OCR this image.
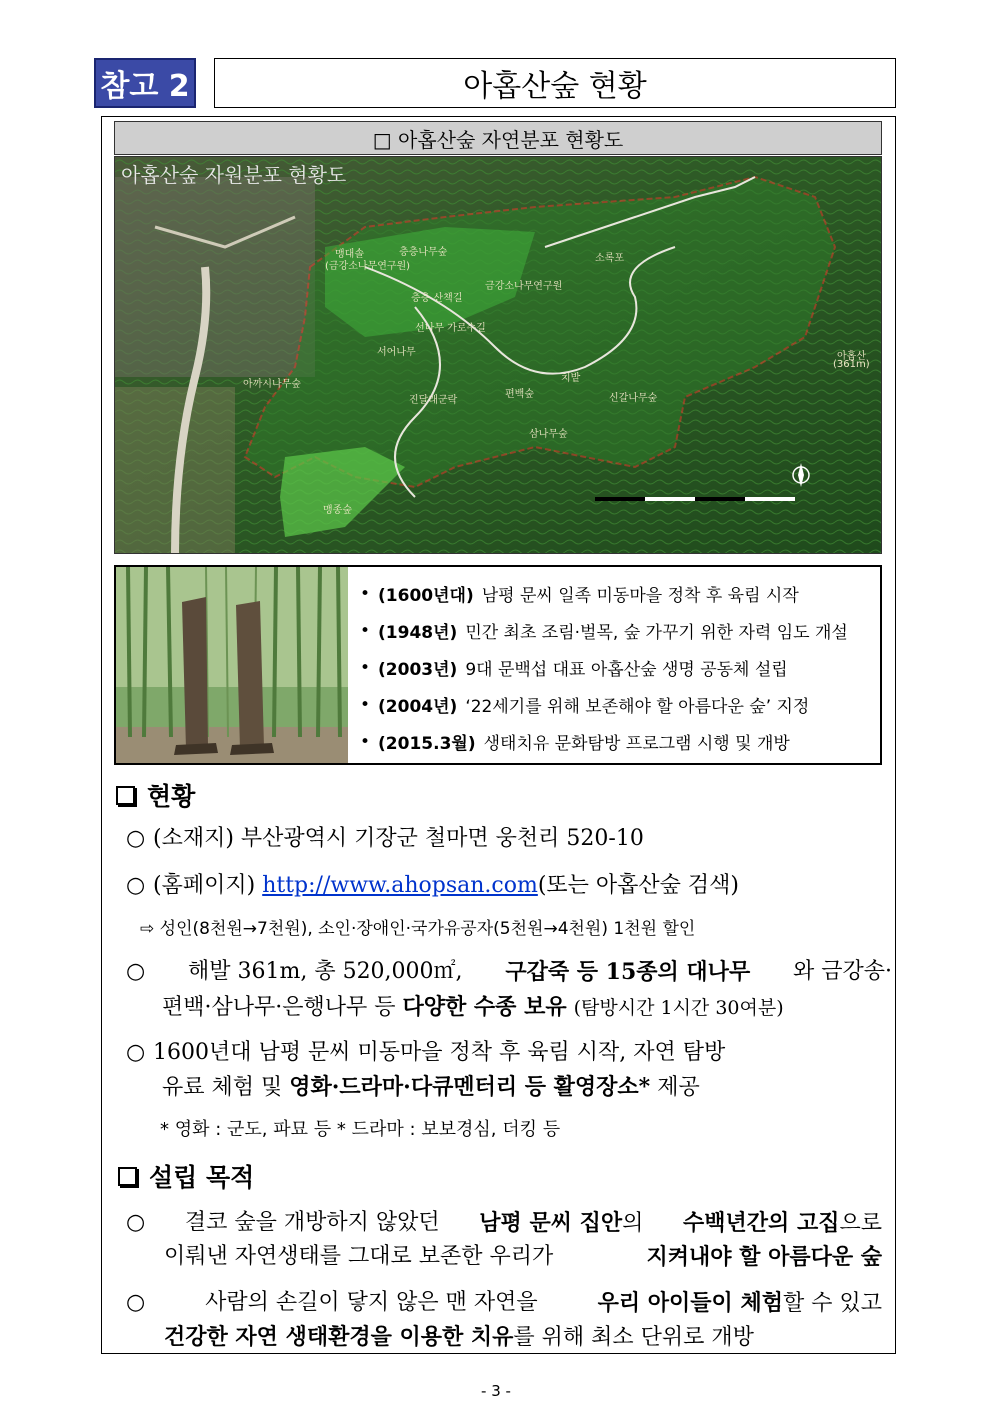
참고 2	아홉산숲 현황
□ 아홉산숲 자연분포 현황도
아홉산숲 자원분포 현황도
맹대솔
(금강소나무연구원)
층층나무숲
소록포
층층 산책길
금강소나무연구원
선나무 가로수길
서어나무
아까시나무숲
진달래군락
편백숲
치밭
신갈나무숲
삼나무숲
아홉산
(361m)
맹종숲
• (1600년대) 남평 문씨 일족 미동마을 정착 후 육림 시작
• (1948년) 민간 최초 조림·벌목, 숲 가꾸기 위한 자력 임도 개설
• (2003년) 9대 문백섭 대표 아홉산숲 생명 공동체 설립
• (2004년) ‘22세기를 위해 보존해야 할 아름다운 숲’ 지정
• (2015.3월) 생태치유 문화탐방 프로그램 시행 및 개방
현황
○ (소재지) 부산광역시 기장군 철마면 웅천리 520-10
○ (홈페이지) http://www.ahopsan.com(또는 아홉산숲 검색)
⇨ 성인(8천원→7천원), 소인·장애인·국가유공자(5천원→4천원) 1천원 할인
○ 해발 361m, 총 520,000㎡, 구갑죽 등 15종의 대나무 와 금강송·
편백·삼나무·은행나무 등 다양한 수종 보유 (탐방시간 1시간 30여분)
○ 1600년대 남평 문씨 미동마을 정착 후 육림 시작, 자연 탐방
유료 체험 및 영화·드라마·다큐멘터리 등 활영장소* 제공
* 영화 : 군도, 파묘 등 * 드라마 : 보보경심, 더킹 등
설립 목적
○ 결코 숲을 개방하지 않았던 남평 문씨 집안의 수백년간의 고집으로
이뤄낸 자연생태를 그대로 보존한 우리가	지켜내야 할 아름다운 숲
○	사람의 손길이 닿지 않은 맨 자연을	우리 아이들이 체험할 수 있고
건강한 자연 생태환경을 이용한 치유를 위해 최소 단위로 개방
- 3 -
